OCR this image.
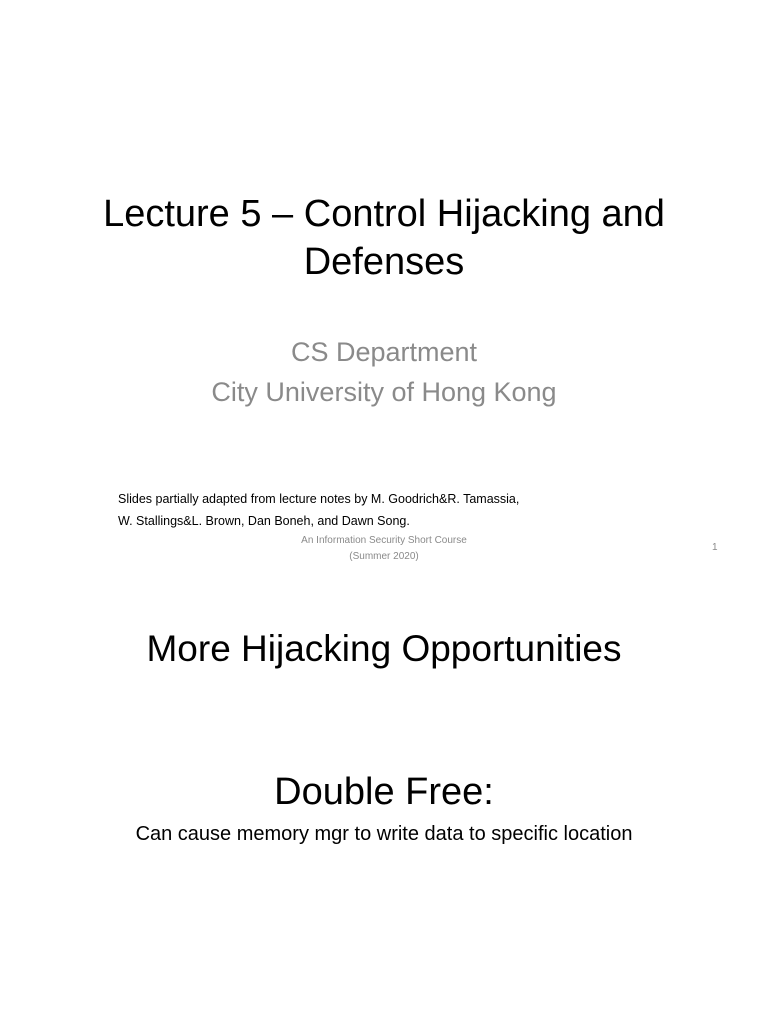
Lecture 5 – Control Hijacking and
Defenses
CS Department
City University of Hong Kong
Slides partially adapted from lecture notes by M. Goodrich&R. Tamassia,
W. Stallings&L. Brown, Dan Boneh, and Dawn Song.
An Information Security Short Course
(Summer 2020)
1
More Hijacking Opportunities
Double Free:
Can cause memory mgr to write data to specific location
